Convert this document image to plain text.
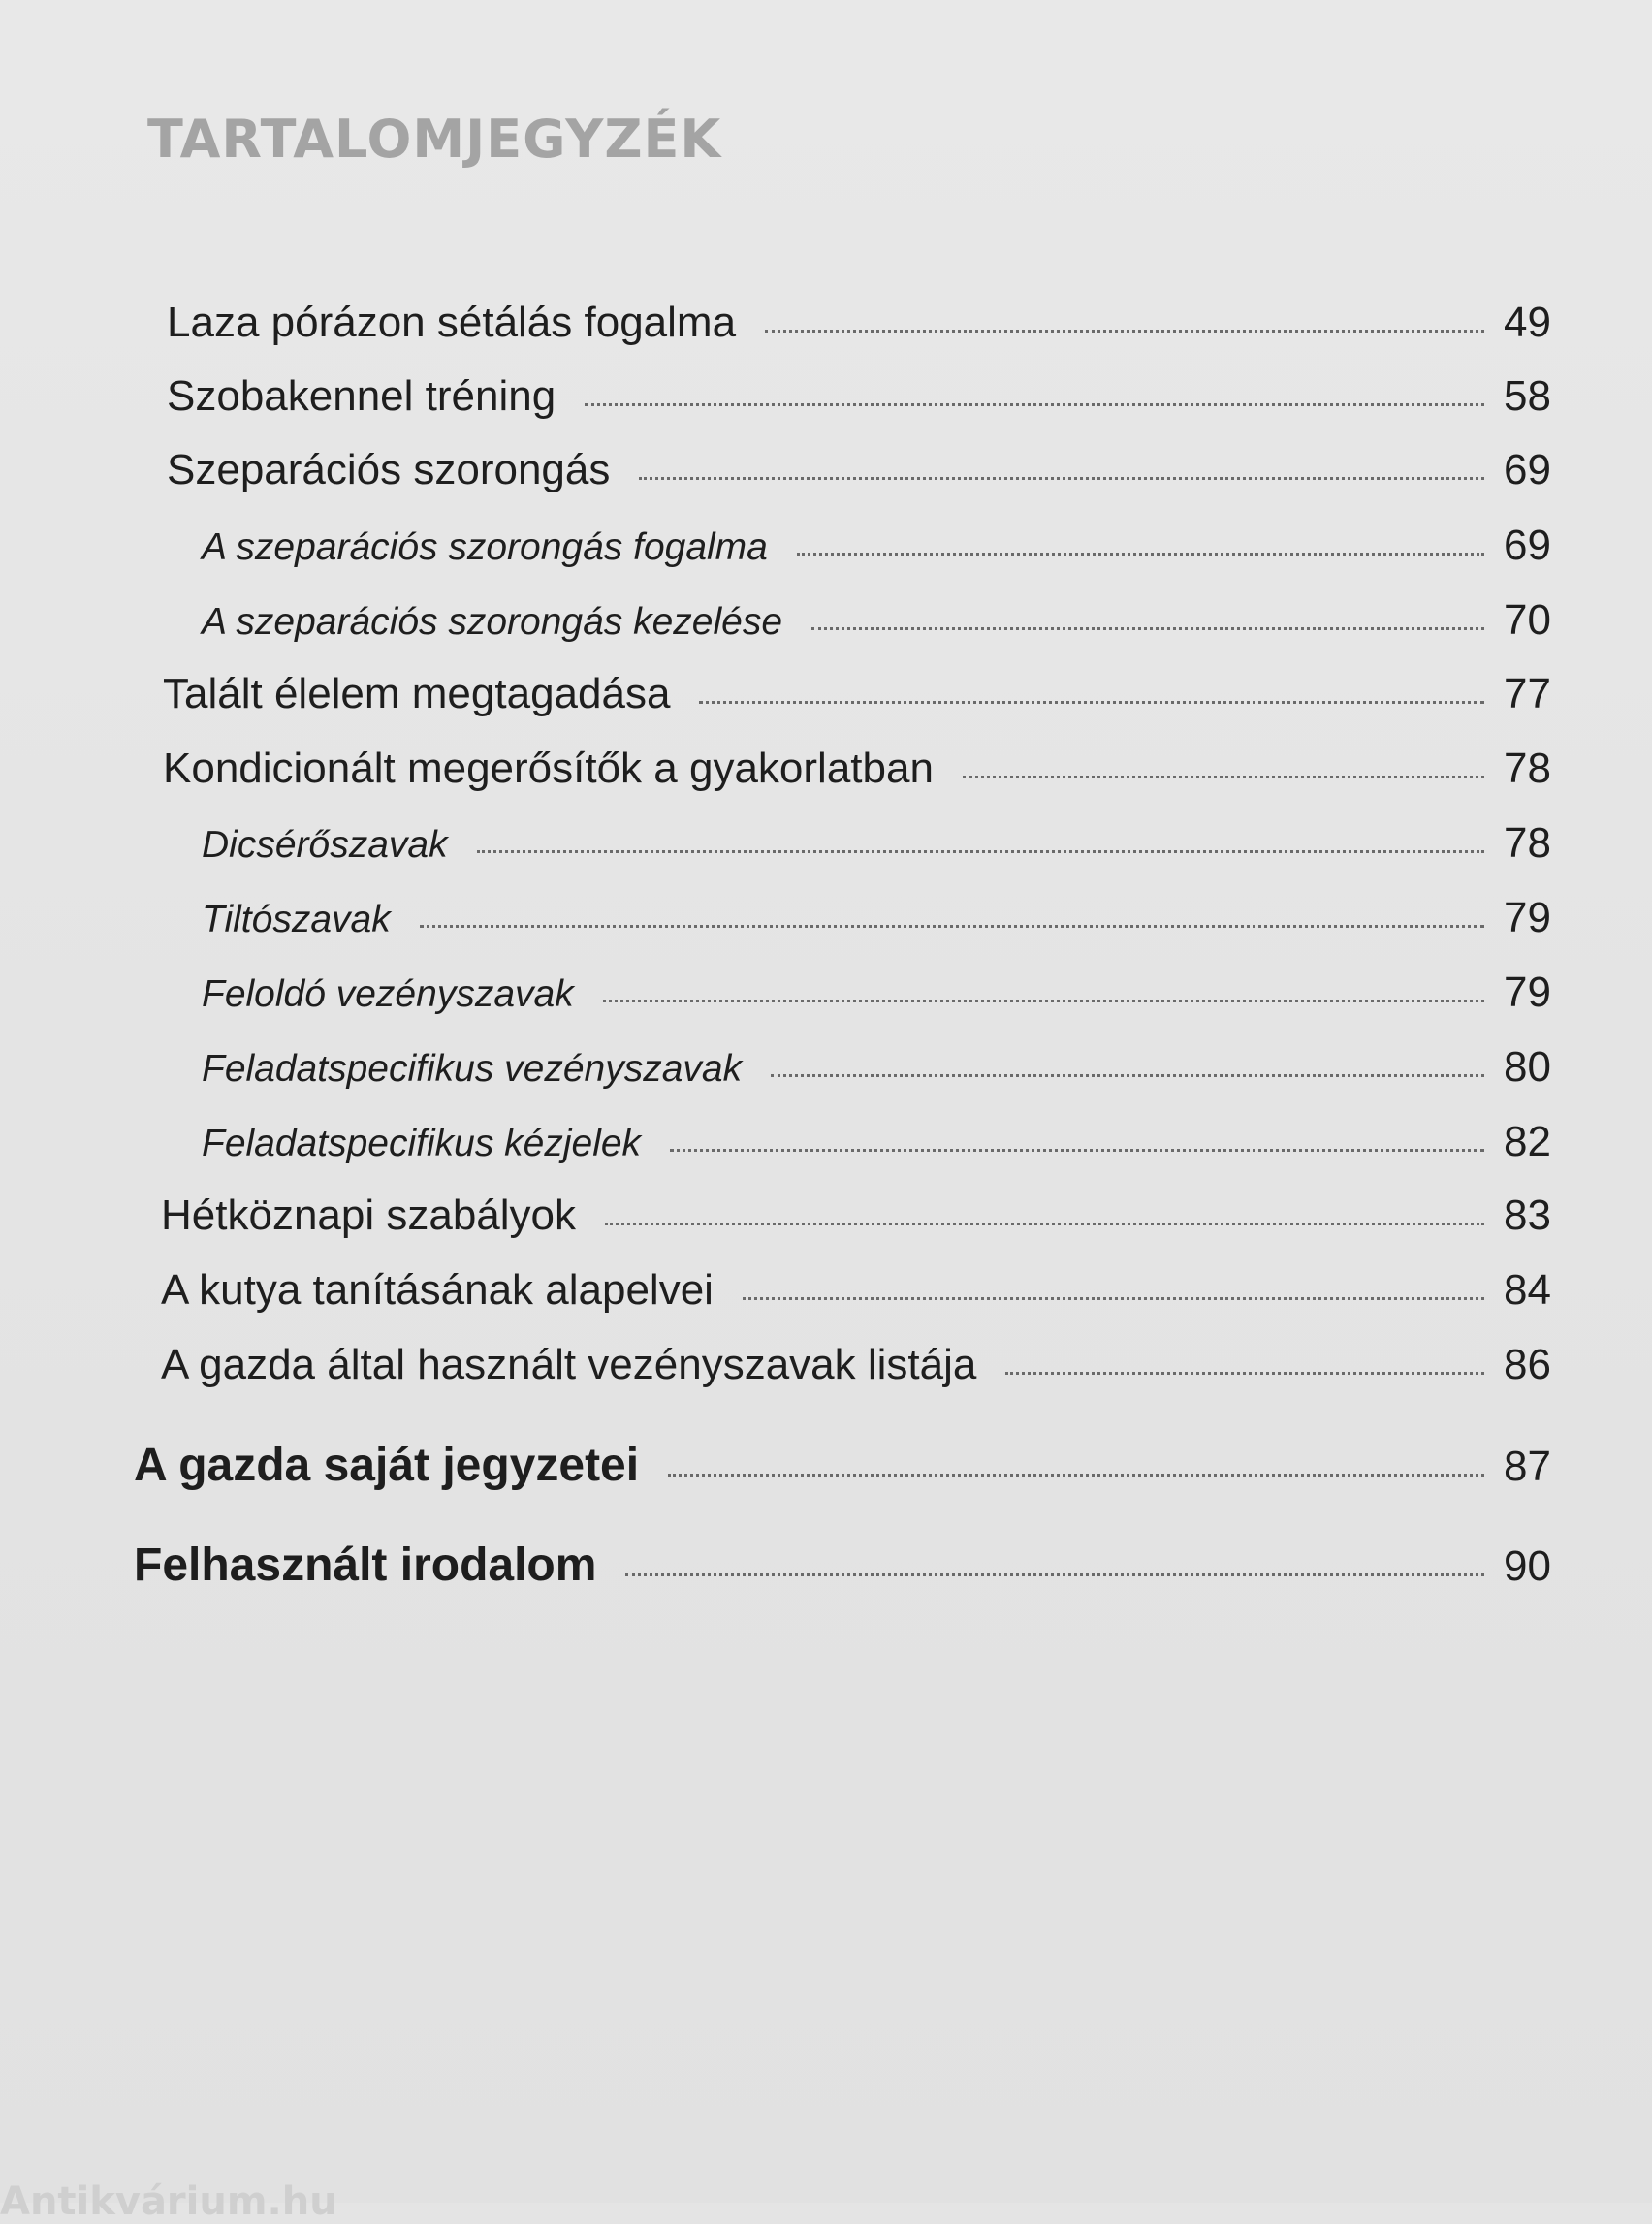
TARTALOMJEGYZÉK
Laza pórázon sétálás fogalma	49
Szobakennel tréning	58
Szeparációs szorongás	69
A szeparációs szorongás fogalma	69
A szeparációs szorongás kezelése	70
Talált élelem megtagadása	77
Kondicionált megerősítők a gyakorlatban	78
Dicsérőszavak	78
Tiltószavak	79
Feloldó vezényszavak	79
Feladatspecifikus vezényszavak	80
Feladatspecifikus kézjelek	82
Hétköznapi szabályok	83
A kutya tanításának alapelvei	84
A gazda által használt vezényszavak listája	86
A gazda saját jegyzetei	87
Felhasznált irodalom	90
Antikvárium.hu
